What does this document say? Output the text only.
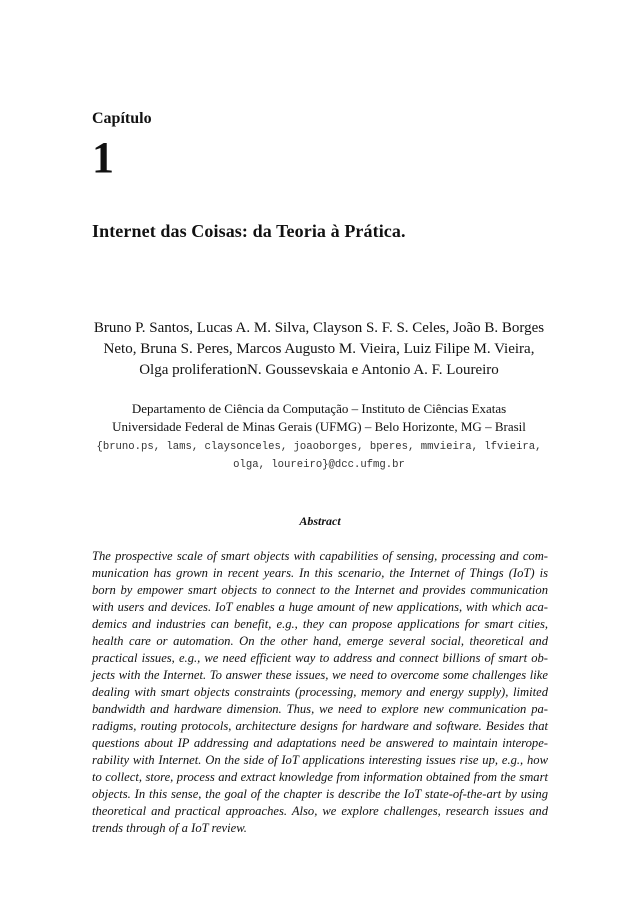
Capítulo
1
Internet das Coisas: da Teoria à Prática.
Bruno P. Santos, Lucas A. M. Silva, Clayson S. F. S. Celes, João B. Borges
Neto, Bruna S. Peres, Marcos Augusto M. Vieira, Luiz Filipe M. Vieira,
Olga proliferationN. Goussevskaia e Antonio A. F. Loureiro
Departamento de Ciência da Computação – Instituto de Ciências Exatas
Universidade Federal de Minas Gerais (UFMG) – Belo Horizonte, MG – Brasil
{bruno.ps, lams, claysonceles, joaoborges, bperes, mmvieira, lfvieira,
olga, loureiro}@dcc.ufmg.br
Abstract
The prospective scale of smart objects with capabilities of sensing, processing and com-
munication has grown in recent years. In this scenario, the Internet of Things (IoT) is
born by empower smart objects to connect to the Internet and provides communication
with users and devices. IoT enables a huge amount of new applications, with which aca-
demics and industries can benefit, e.g., they can propose applications for smart cities,
health care or automation. On the other hand, emerge several social, theoretical and
practical issues, e.g., we need efficient way to address and connect billions of smart ob-
jects with the Internet. To answer these issues, we need to overcome some challenges like
dealing with smart objects constraints (processing, memory and energy supply), limited
bandwidth and hardware dimension. Thus, we need to explore new communication pa-
radigms, routing protocols, architecture designs for hardware and software. Besides that
questions about IP addressing and adaptations need be answered to maintain interope-
rability with Internet. On the side of IoT applications interesting issues rise up, e.g., how
to collect, store, process and extract knowledge from information obtained from the smart
objects. In this sense, the goal of the chapter is describe the IoT state-of-the-art by using
theoretical and practical approaches. Also, we explore challenges, research issues and
trends through of a IoT review.
